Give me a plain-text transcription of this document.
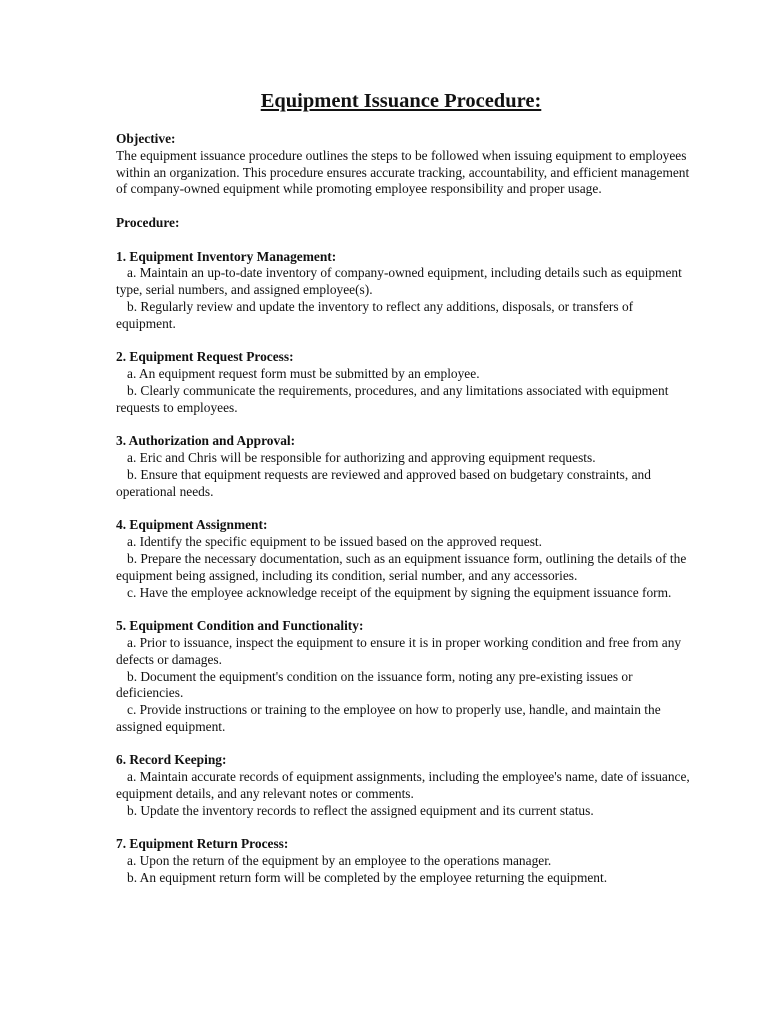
Equipment Issuance Procedure:
Objective:

The equipment issuance procedure outlines the steps to be followed when issuing equipment to employees within an organization. This procedure ensures accurate tracking, accountability, and efficient management of company-owned equipment while promoting employee responsibility and proper usage.

Procedure:
1. Equipment Inventory Management:

a. Maintain an up-to-date inventory of company-owned equipment, including details such as equipment type, serial numbers, and assigned employee(s).

b. Regularly review and update the inventory to reflect any additions, disposals, or transfers of equipment.

2. Equipment Request Process:

a. An equipment request form must be submitted by an employee.

b. Clearly communicate the requirements, procedures, and any limitations associated with equipment requests to employees.

3. Authorization and Approval:

a. Eric and Chris will be responsible for authorizing and approving equipment requests.

b. Ensure that equipment requests are reviewed and approved based on budgetary constraints, and operational needs.

4. Equipment Assignment:

a. Identify the specific equipment to be issued based on the approved request.

b. Prepare the necessary documentation, such as an equipment issuance form, outlining the details of the equipment being assigned, including its condition, serial number, and any accessories.

c. Have the employee acknowledge receipt of the equipment by signing the equipment issuance form.

5. Equipment Condition and Functionality:

a. Prior to issuance, inspect the equipment to ensure it is in proper working condition and free from any defects or damages.

b. Document the equipment's condition on the issuance form, noting any pre-existing issues or deficiencies.

c. Provide instructions or training to the employee on how to properly use, handle, and maintain the assigned equipment.

6. Record Keeping:

a. Maintain accurate records of equipment assignments, including the employee's name, date of issuance, equipment details, and any relevant notes or comments.

b. Update the inventory records to reflect the assigned equipment and its current status.

7. Equipment Return Process:

a. Upon the return of the equipment by an employee to the operations manager.

b. An equipment return form will be completed by the employee returning the equipment.
